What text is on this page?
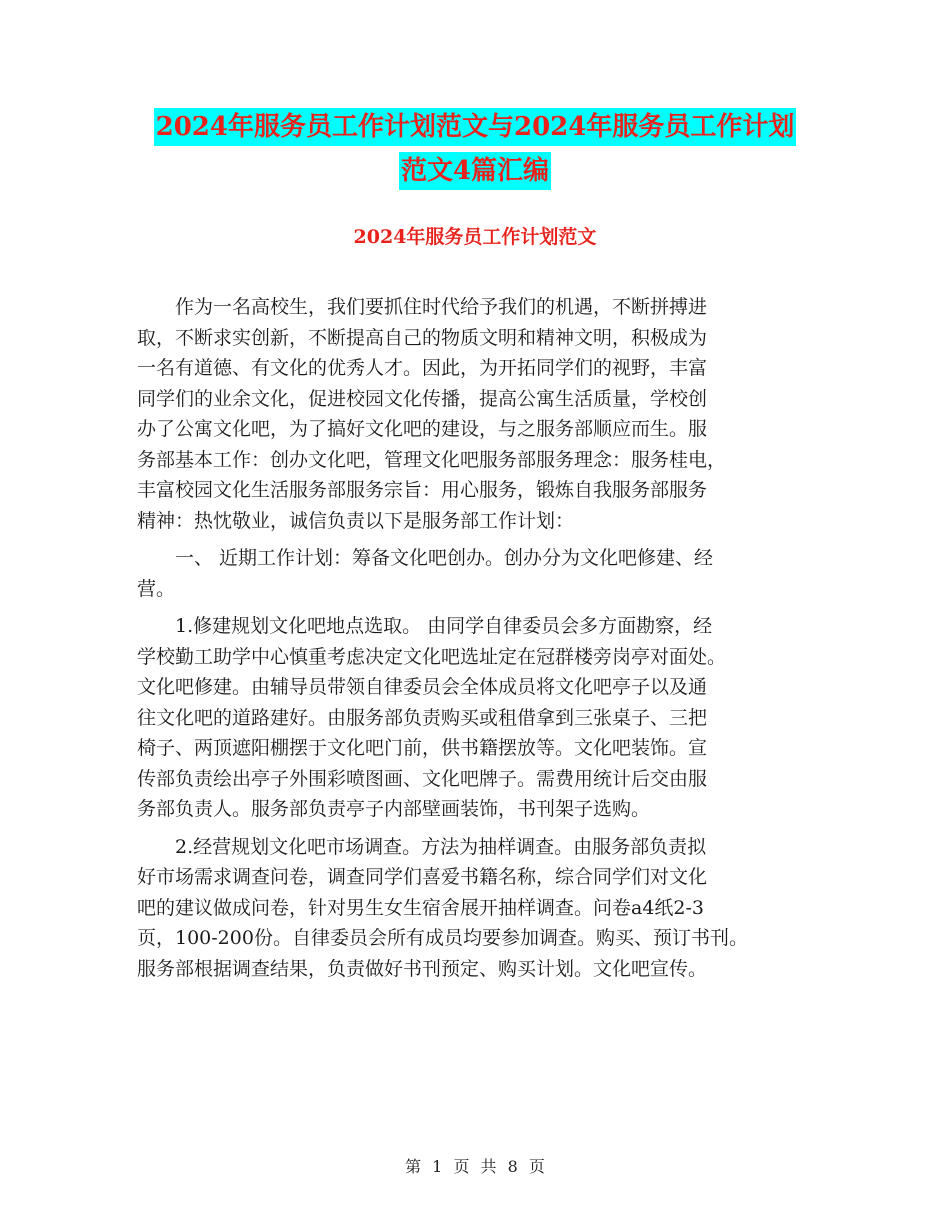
2024年服务员工作计划范文与2024年服务员工作计划
范文4篇汇编
2024年服务员工作计划范文
作为一名高校生，我们要抓住时代给予我们的机遇，不断拼搏进
取，不断求实创新，不断提高自己的物质文明和精神文明，积极成为
一名有道德、有文化的优秀人才。因此，为开拓同学们的视野，丰富
同学们的业余文化，促进校园文化传播，提高公寓生活质量，学校创
办了公寓文化吧，为了搞好文化吧的建设，与之服务部顺应而生。服
务部基本工作：创办文化吧，管理文化吧服务部服务理念：服务桂电，
丰富校园文化生活服务部服务宗旨：用心服务，锻炼自我服务部服务
精神：热忱敬业，诚信负责以下是服务部工作计划：
一、 近期工作计划：筹备文化吧创办。创办分为文化吧修建、经
营。
1.修建规划文化吧地点选取。 由同学自律委员会多方面勘察，经
学校勤工助学中心慎重考虑决定文化吧选址定在冠群楼旁岗亭对面处。
文化吧修建。由辅导员带领自律委员会全体成员将文化吧亭子以及通
往文化吧的道路建好。由服务部负责购买或租借拿到三张桌子、三把
椅子、两顶遮阳棚摆于文化吧门前，供书籍摆放等。文化吧装饰。宣
传部负责绘出亭子外围彩喷图画、文化吧牌子。需费用统计后交由服
务部负责人。服务部负责亭子内部壁画装饰，书刊架子选购。
2.经营规划文化吧市场调查。方法为抽样调查。由服务部负责拟
好市场需求调查问卷，调查同学们喜爱书籍名称，综合同学们对文化
吧的建议做成问卷，针对男生女生宿舍展开抽样调查。问卷a4纸2-3
页，100-200份。自律委员会所有成员均要参加调查。购买、预订书刊。
服务部根据调查结果，负责做好书刊预定、购买计划。文化吧宣传。
第 1 页 共 8 页
